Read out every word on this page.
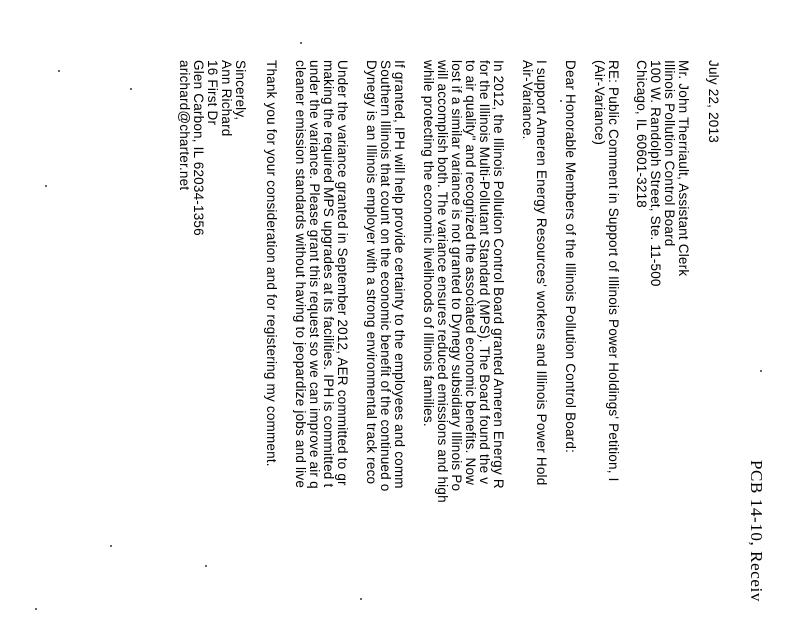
PCB 14-10, Receiv
July 22, 2013
Mr. John Therriault, Assistant Clerk
Illinois Pollution Control Board
100 W. Randolph Street, Ste. 11-500
Chicago, IL 60601-3218
RE: Public Comment in Support of Illinois Power Holdings' Petition, I
(Air-Variance)
Dear Honorable Members of the Illinois Pollution Control Board:
I support Ameren Energy Resources' workers and Illinois Power Hold
Air-Variance.
In 2012, the Illinois Pollution Control Board granted Ameren Energy R
for the Illinois Multi-Pollutant Standard (MPS). The Board found the v
to air quality" and recognized the associated economic benefits. Now
lost if a similar variance is not granted to Dynegy subsidiary Illinois Po
will accomplish both. The variance ensures reduced emissions and high
while protecting the economic livelihoods of Illinois families.
If granted, IPH will help provide certainty to the employees and comm
Southern Illinois that count on the economic benefit of the continued o
Dynegy is an Illinois employer with a strong environmental track reco
Under the variance granted in September 2012, AER committed to gr
making the required MPS upgrades at its facilities. IPH is committed t
under the variance. Please grant this request so we can improve air q
cleaner emission standards without having to jeopardize jobs and live
Thank you for your consideration and for registering my comment.
Sincerely,
Ann Richard
16 First Dr
Glen Carbon, IL 62034-1356
arichard@charter.net
